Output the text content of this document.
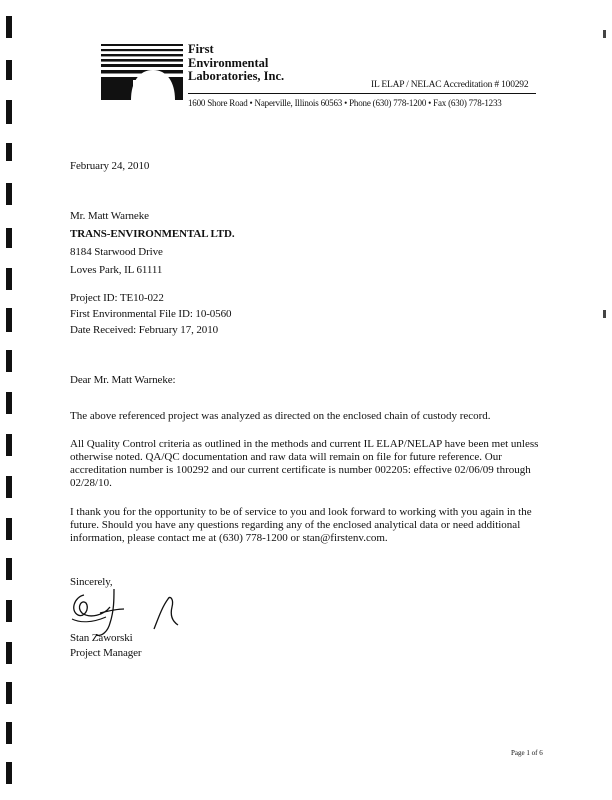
First
Environmental
Laboratories, Inc.
IL ELAP / NELAC Accreditation # 100292
1600 Shore Road • Naperville, Illinois 60563 • Phone (630) 778-1200 • Fax (630) 778-1233
February 24, 2010
Mr. Matt Warneke
TRANS-ENVIRONMENTAL LTD.
8184 Starwood Drive
Loves Park, IL 61111
Project ID: TE10-022
First Environmental File ID: 10-0560
Date Received: February 17, 2010
Dear Mr. Matt Warneke:

The above referenced project was analyzed as directed on the enclosed chain of custody record.

All Quality Control criteria as outlined in the methods and current IL ELAP/NELAP have been met unless otherwise noted. QA/QC documentation and raw data will remain on file for future reference. Our accreditation number is 100292 and our current certificate is number 002205: effective 02/06/09 through 02/28/10.

I thank you for the opportunity to be of service to you and look forward to working with you again in the future. Should you have any questions regarding any of the enclosed analytical data or need additional information, please contact me at (630) 778-1200 or stan@firstenv.com.

Sincerely,
Stan Zaworski
Project Manager
Page 1 of 6
